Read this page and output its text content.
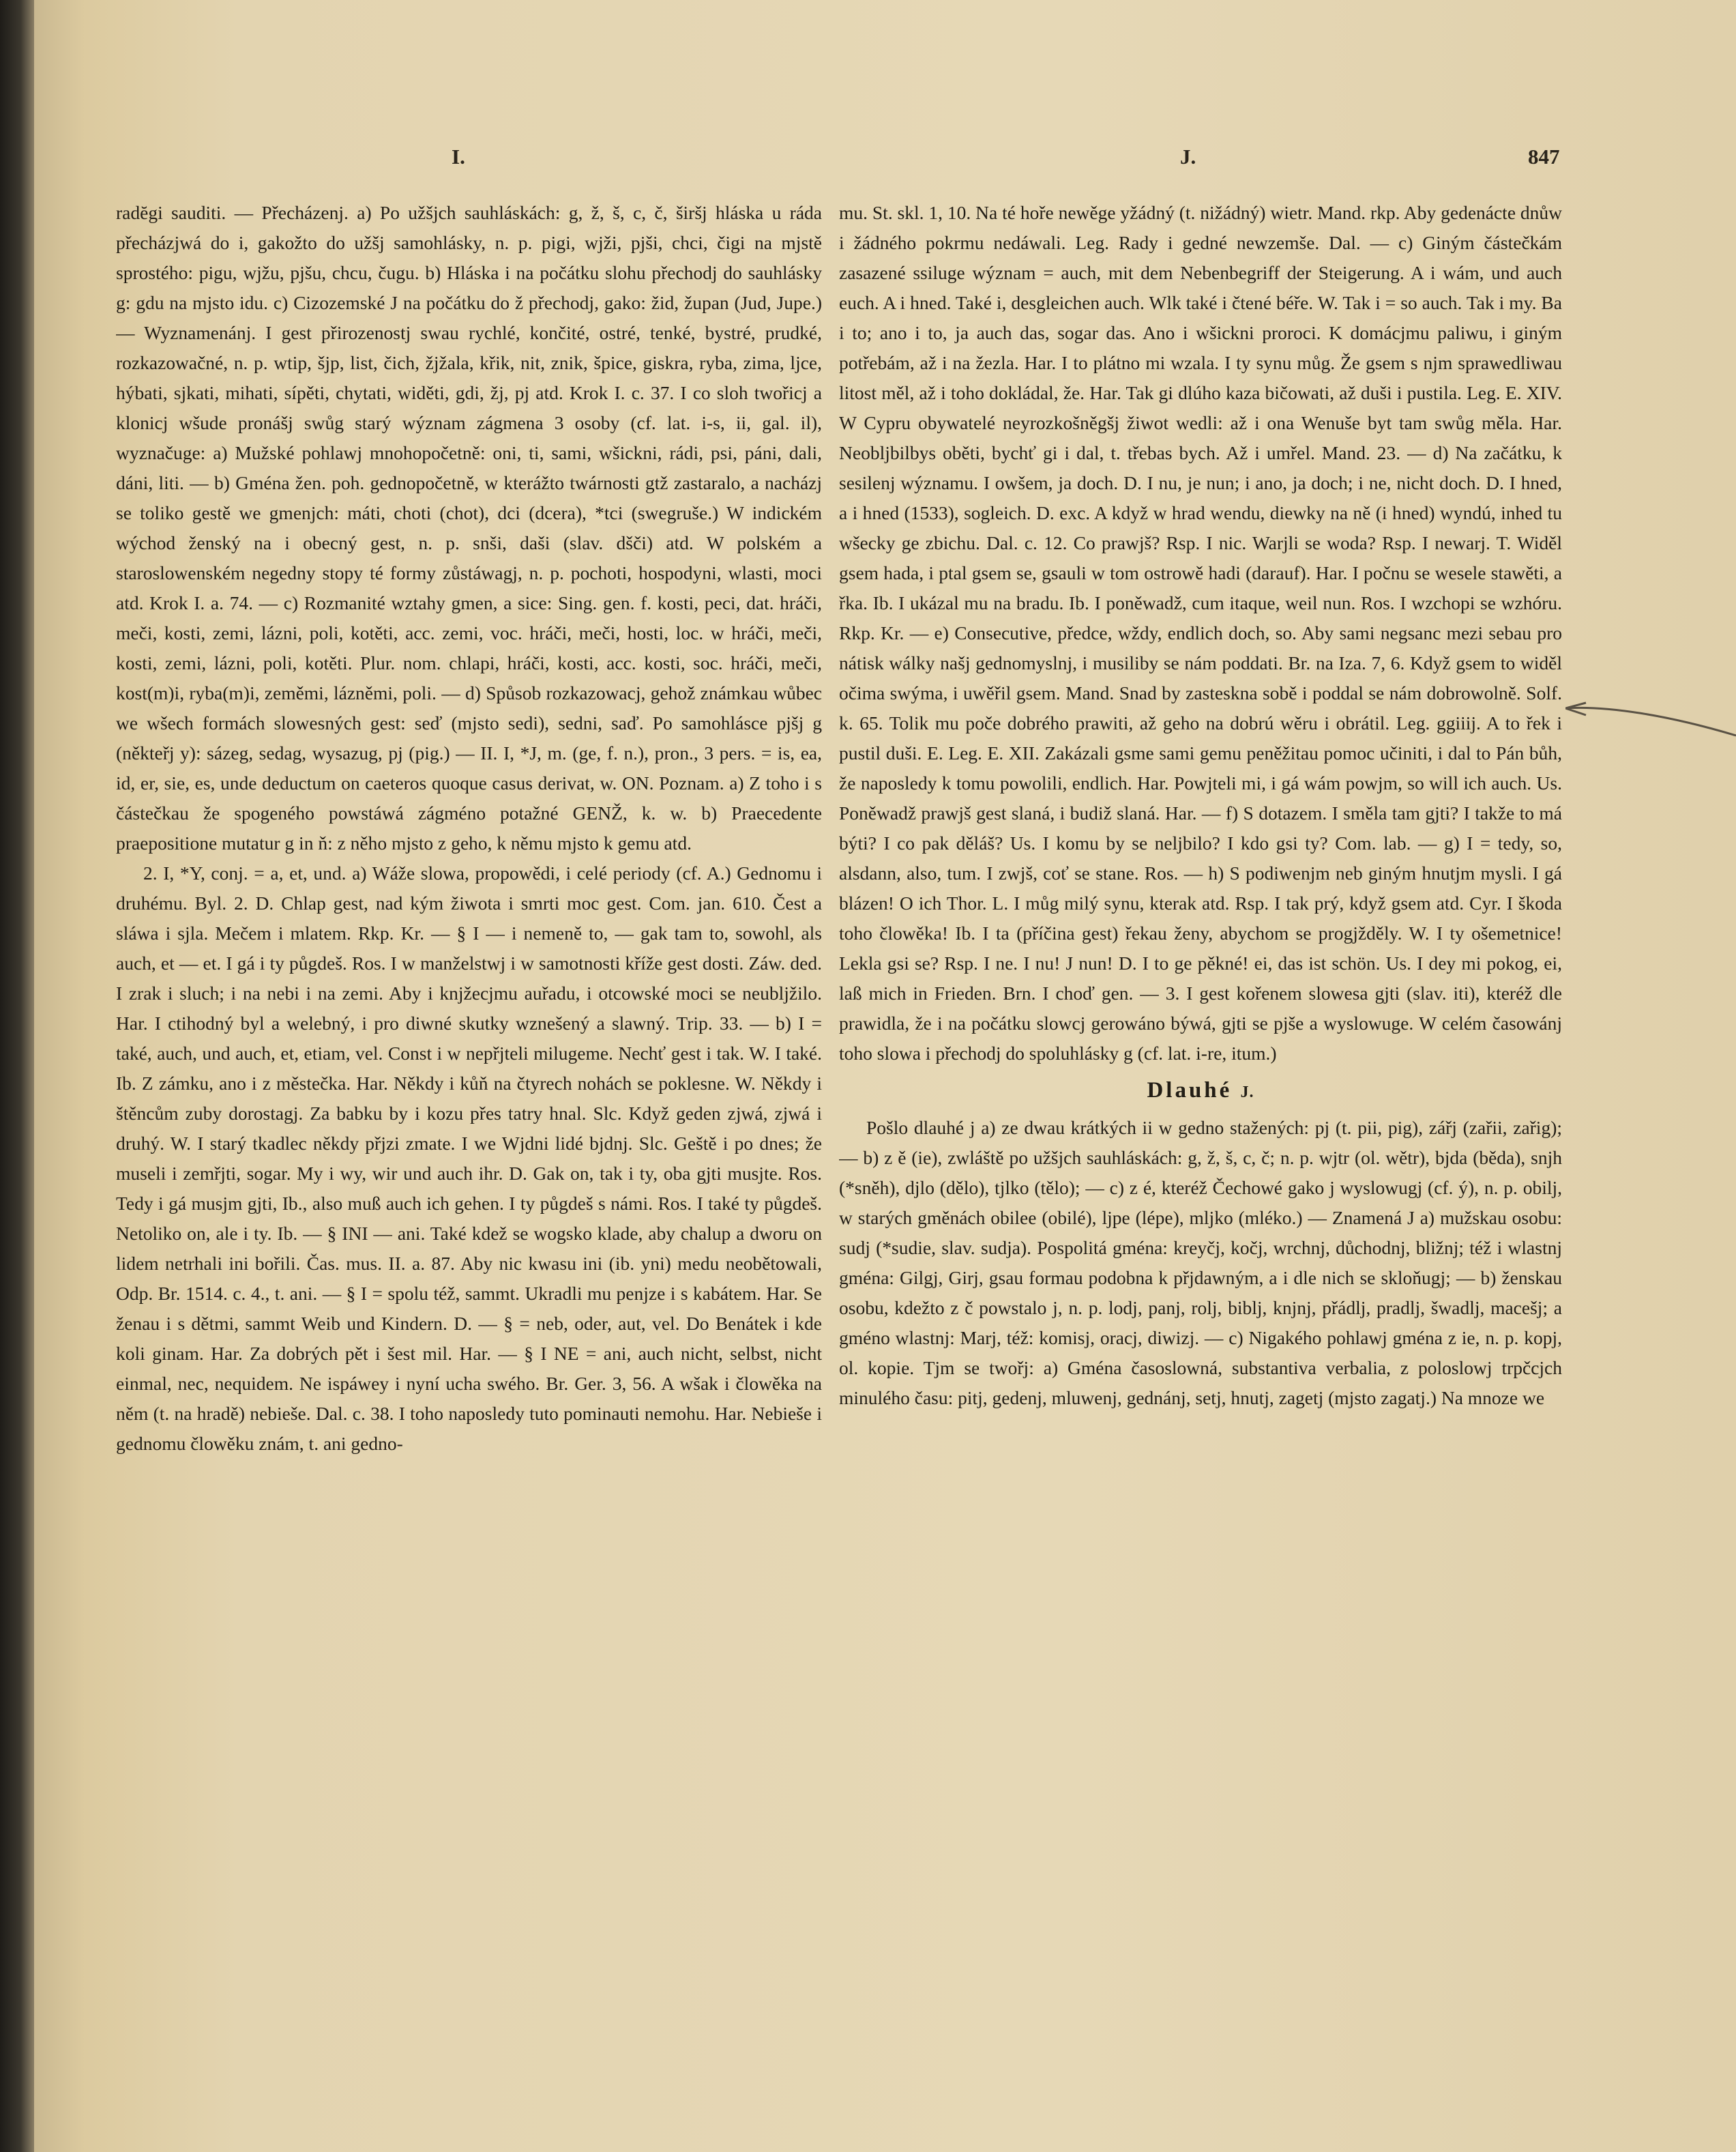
I.	J.	847

radĕgi sauditi. — Přecházenj. a) Po užšjch sauhláskách: g, ž, š, c, č, širšj hláska u ráda přecházjwá do i, gakožto do užšj samohlásky, n. p. pigi, wjži, pjši, chci, čigi na mjstě sprostého: pigu, wjžu, pjšu, chcu, čugu. b) Hláska i na počátku slohu přechodj do sauhlásky g: gdu na mjsto idu. c) Cizozemské J na počátku do ž přechodj, gako: žid, župan (Jud, Jupe.) — Wyznamenánj. I gest přirozenostj swau rychlé, končité, ostré, tenké, bystré, prudké, rozkazowačné, n. p. wtip, šjp, list, čich, žjžala, křik, nit, znik, špice, giskra, ryba, zima, ljce, hýbati, sjkati, mihati, sípěti, chytati, widěti, gdi, žj, pj atd. Krok I. c. 37. I co sloh twořicj a klonicj wšude pronášj swůg starý wýznam zágmena 3 osoby (cf. lat. i-s, ii, gal. il), wyznačuge: a) Mužské pohlawj mnohopočetně: oni, ti, sami, wšickni, rádi, psi, páni, dali, dáni, liti. — b) Gména žen. poh. gednopočetně, w kterážto twárnosti gtž zastaralo, a nacházj se toliko gestě we gmenjch: máti, choti (chot), dci (dcera), *tci (swegruše.) W indickém wýchod ženský na i obecný gest, n. p. snši, daši (slav. dšči) atd. W polském a staroslowenském negedny stopy té formy zůstáwagj, n. p. pochoti, hospodyni, wlasti, moci atd. Krok I. a. 74. — c) Rozmanité wztahy gmen, a sice: Sing. gen. f. kosti, peci, dat. hráči, meči, kosti, zemi, lázni, poli, kotěti, acc. zemi, voc. hráči, meči, hosti, loc. w hráči, meči, kosti, zemi, lázni, poli, kotěti. Plur. nom. chlapi, hráči, kosti, acc. kosti, soc. hráči, meči, kost(m)i, ryba(m)i, zeměmi, lázněmi, poli. — d) Spůsob rozkazowacj, gehož známkau wůbec we wšech formách slowesných gest: seď (mjsto sedi), sedni, saď. Po samohlásce pjšj g (někteřj y): sázeg, sedag, wysazug, pj (pig.) — II. I, *J, m. (ge, f. n.), pron., 3 pers. = is, ea, id, er, sie, es, unde deductum on caeteros quoque casus derivat, w. ON. Poznam. a) Z toho i s částečkau že spogeného powstáwá zágméno potažné GENŽ, k. w. b) Praecedente praepositione mutatur g in ň: z něho mjsto z geho, k němu mjsto k gemu atd.

2. I, *Y, conj. = a, et, und. a) Wáže slowa, propowědi, i celé periody (cf. A.) Gednomu i druhému. Byl. 2. D. Chlap gest, nad kým žiwota i smrti moc gest. Com. jan. 610. Čest a sláwa i sjla. Mečem i mlatem. Rkp. Kr. — § I — i nemeně to, — gak tam to, sowohl, als auch, et — et. I gá i ty půgdeš. Ros. I w manželstwj i w samotnosti kříže gest dosti. Záw. ded. I zrak i sluch; i na nebi i na zemi. Aby i knjžecjmu auřadu, i otcowské moci se neubljžilo. Har. I ctihodný byl a welebný, i pro diwné skutky wznešený a slawný. Trip. 33. — b) I = také, auch, und auch, et, etiam, vel. Const i w nepřjteli milugeme. Nechť gest i tak. W. I také. Ib. Z zámku, ano i z městečka. Har. Někdy i kůň na čtyrech nohách se poklesne. W. Někdy i štěncům zuby dorostagj. Za babku by i kozu přes tatry hnal. Slc. Když geden zjwá, zjwá i druhý. W. I starý tkadlec někdy přjzi zmate. I we Wjdni lidé bjdnj. Slc. Geště i po dnes; že museli i zemřjti, sogar. My i wy, wir und auch ihr. D. Gak on, tak i ty, oba gjti musjte. Ros. Tedy i gá musjm gjti, Ib., also muß auch ich gehen. I ty půgdeš s námi. Ros. I také ty půgdeš. Netoliko on, ale i ty. Ib. — § INI — ani. Také kdež se wogsko klade, aby chalup a dworu on lidem netrhali ini bořili. Čas. mus. II. a. 87. Aby nic kwasu ini (ib. yni) medu neobětowali, Odp. Br. 1514. c. 4., t. ani. — § I = spolu též, sammt. Ukradli mu penjze i s kabátem. Har. Se ženau i s dětmi, sammt Weib und Kindern. D. — § = neb, oder, aut, vel. Do Benátek i kde koli ginam. Har. Za dobrých pět i šest mil. Har. — § I NE = ani, auch nicht, selbst, nicht einmal, nec, nequidem. Ne ispáwey i nyní ucha swého. Br. Ger. 3, 56. A wšak i člowěka na něm (t. na hradě) nebieše. Dal. c. 38. I toho naposledy tuto pominauti nemohu. Har. Nebieše i gednomu člowěku znám, t. ani gedno-

mu. St. skl. 1, 10. Na té hoře newěge yžádný (t. nižádný) wietr. Mand. rkp. Aby gedenácte dnůw i žádného pokrmu nedáwali. Leg. Rady i gedné newzemše. Dal. — c) Giným částečkám zasazené ssiluge wýznam = auch, mit dem Nebenbegriff der Steigerung. A i wám, und auch euch. A i hned. Také i, desgleichen auch. Wlk také i čtené béře. W. Tak i = so auch. Tak i my. Ba i to; ano i to, ja auch das, sogar das. Ano i wšickni proroci. K domácjmu paliwu, i giným potřebám, až i na žezla. Har. I to plátno mi wzala. I ty synu můg. Že gsem s njm sprawedliwau litost měl, až i toho dokládal, že. Har. Tak gi dlúho kaza bičowati, až duši i pustila. Leg. E. XIV. W Cypru obywatelé neyrozkošněgšj žiwot wedli: až i ona Wenuše byt tam swůg měla. Har. Neobljbilbys oběti, bychť gi i dal, t. třebas bych. Až i umřel. Mand. 23. — d) Na začátku, k sesilenj wýznamu. I owšem, ja doch. D. I nu, je nun; i ano, ja doch; i ne, nicht doch. D. I hned, a i hned (1533), sogleich. D. exc. A když w hrad wendu, diewky na ně (i hned) wyndú, inhed tu wšecky ge zbichu. Dal. c. 12. Co prawjš? Rsp. I nic. Warjli se woda? Rsp. I newarj. T. Widěl gsem hada, i ptal gsem se, gsauli w tom ostrowě hadi (darauf). Har. I počnu se wesele stawěti, a řka. Ib. I ukázal mu na bradu. Ib. I poněwadž, cum itaque, weil nun. Ros. I wzchopi se wzhóru. Rkp. Kr. — e) Consecutive, předce, wždy, endlich doch, so. Aby sami negsanc mezi sebau pro nátisk wálky našj gednomyslnj, i musiliby se nám poddati. Br. na Iza. 7, 6. Když gsem to widěl očima swýma, i uwěřil gsem. Mand. Snad by zasteskna sobě i poddal se nám dobrowolně. Solf. k. 65. Tolik mu poče dobrého prawiti, až geho na dobrú wěru i obrátil. Leg. ggiiij. A to řek i pustil duši. E. Leg. E. XII. Zakázali gsme sami gemu peněžitau pomoc učiniti, i dal to Pán bůh, že naposledy k tomu powolili, endlich. Har. Powjteli mi, i gá wám powjm, so will ich auch. Us. Poněwadž prawjš gest slaná, i budiž slaná. Har. — f) S dotazem. I směla tam gjti? I takže to má býti? I co pak děláš? Us. I komu by se neljbilo? I kdo gsi ty? Com. lab. — g) I = tedy, so, alsdann, also, tum. I zwjš, coť se stane. Ros. — h) S podiwenjm neb giným hnutjm mysli. I gá blázen! O ich Thor. L. I můg milý synu, kterak atd. Rsp. I tak prý, když gsem atd. Cyr. I škoda toho člowěka! Ib. I ta (příčina gest) řekau ženy, abychom se progjžděly. W. I ty ošemetnice! Lekla gsi se? Rsp. I ne. I nu! J nun! D. I to ge pěkné! ei, das ist schön. Us. I dey mi pokog, ei, laß mich in Frieden. Brn. I choď gen. — 3. I gest kořenem slowesa gjti (slav. iti), kteréž dle prawidla, že i na počátku slowcj gerowáno býwá, gjti se pjše a wyslowuge. W celém časowánj toho slowa i přechodj do spoluhlásky g (cf. lat. i-re, itum.)

Dlauhé J.

Pošlo dlauhé j a) ze dwau krátkých ii w gedno stažených: pj (t. pii, pig), zářj (zařii, zařig); — b) z ě (ie), zwláště po užšjch sauhláskách: g, ž, š, c, č; n. p. wjtr (ol. wětr), bjda (běda), snjh (*sněh), djlo (dělo), tjlko (tělo); — c) z é, kteréž Čechowé gako j wyslowugj (cf. ý), n. p. obilj, w starých gměnách obilee (obilé), ljpe (lépe), mljko (mléko.) — Znamená J a) mužskau osobu: sudj (*sudie, slav. sudja). Pospolitá gména: kreyčj, kočj, wrchnj, důchodnj, bližnj; též i wlastnj gména: Gilgj, Girj, gsau formau podobna k přjdawným, a i dle nich se skloňugj; — b) ženskau osobu, kdežto z č powstalo j, n. p. lodj, panj, rolj, biblj, knjnj, přádlj, pradlj, šwadlj, macešj; a gméno wlastnj: Marj, též: komisj, oracj, diwizj. — c) Nigakého pohlawj gména z ie, n. p. kopj, ol. kopie. Tjm se twořj: a) Gména časoslowná, substantiva verbalia, z poloslowj trpčcjch minulého času: pitj, gedenj, mluwenj, gednánj, setj, hnutj, zagetj (mjsto zagatj.) Na mnoze we
